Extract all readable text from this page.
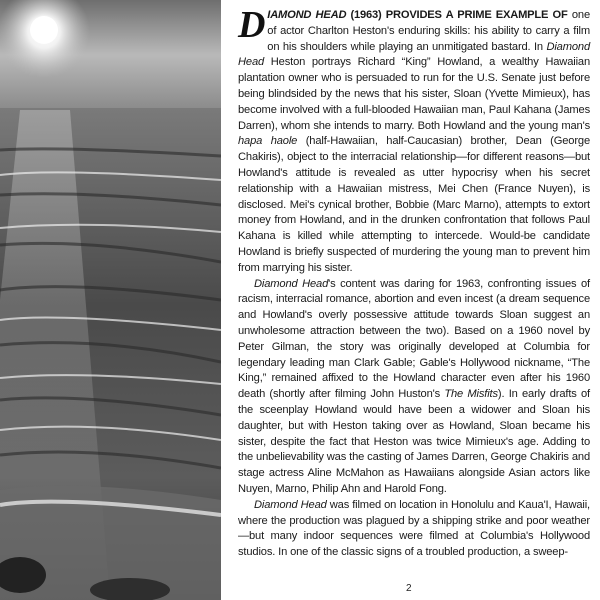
DIAMOND HEAD (1963) PROVIDES A PRIME EXAMPLE OF one of actor Charlton Heston's enduring skills: his ability to carry a film on his shoulders while playing an unmitigated bastard. In Diamond Head Heston portrays Richard “King” Howland, a wealthy Hawaiian plantation owner who is persuaded to run for the U.S. Senate just before being blindsided by the news that his sister, Sloan (Yvette Mimieux), has become involved with a full-blooded Hawaiian man, Paul Kahana (James Darren), whom she intends to marry. Both Howland and the young man's hapa haole (half-Hawaiian, half-Caucasian) brother, Dean (George Chakiris), object to the interracial relationship—for different reasons—but Howland's attitude is revealed as utter hypocrisy when his secret relationship with a Hawaiian mistress, Mei Chen (France Nuyen), is disclosed. Mei's cynical brother, Bobbie (Marc Marno), attempts to extort money from Howland, and in the drunken confrontation that follows Paul Kahana is killed while attempting to intercede. Would-be candidate Howland is briefly suspected of murdering the young man to prevent him from marrying his sister.

Diamond Head's content was daring for 1963, confronting issues of racism, interracial romance, abortion and even incest (a dream sequence and Howland's overly possessive attitude towards Sloan suggest an unwholesome attraction between the two). Based on a 1960 novel by Peter Gilman, the story was originally developed at Columbia for legendary leading man Clark Gable; Gable's Hollywood nickname, “The King,” remained affixed to the Howland character even after his 1960 death (shortly after filming John Huston's The Misfits). In early drafts of the sceenplay Howland would have been a widower and Sloan his daughter, but with Heston taking over as Howland, Sloan became his sister, despite the fact that Heston was twice Mimieux's age. Adding to the unbelievability was the casting of James Darren, George Chakiris and stage actress Aline McMahon as Hawaiians alongside Asian actors like Nuyen, Marno, Philip Ahn and Harold Fong.

Diamond Head was filmed on location in Honolulu and Kaua'I, Hawaii, where the production was plagued by a shipping strike and poor weather—but many indoor sequences were filmed at Columbia's Hollywood studios. In one of the classic signs of a troubled production, a sweep-

2
